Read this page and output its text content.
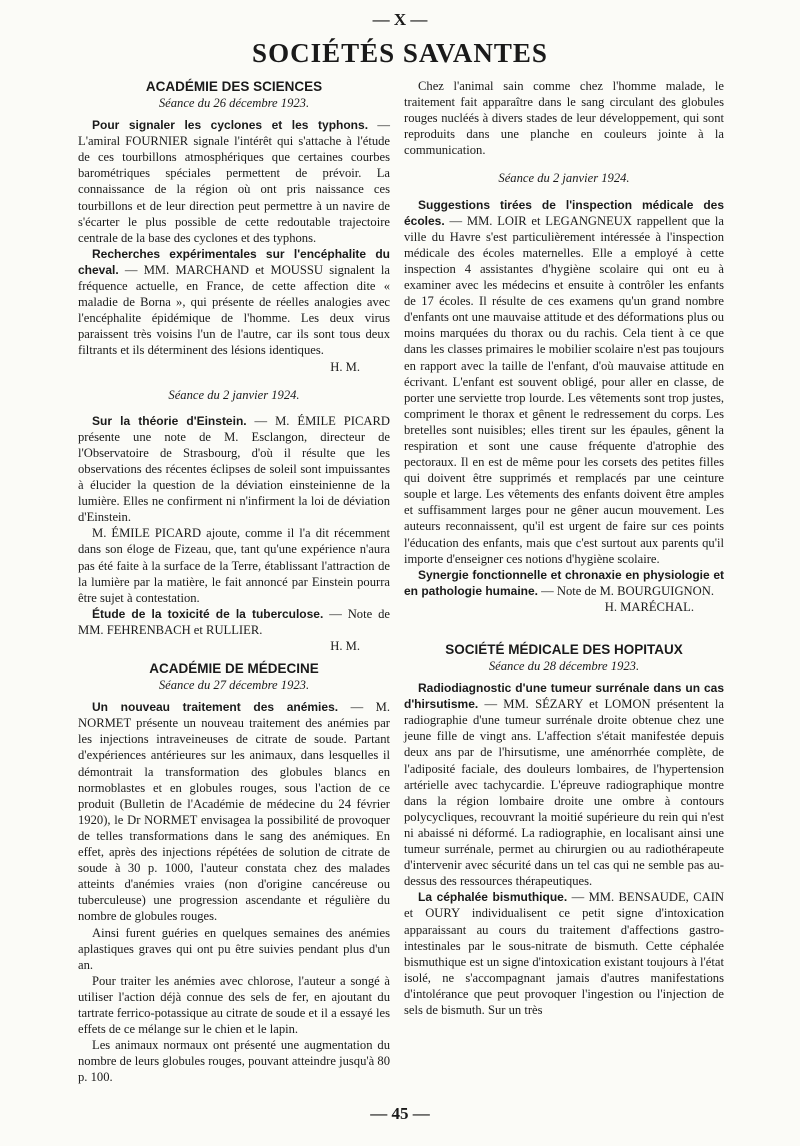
— X —
SOCIÉTÉS SAVANTES
ACADÉMIE DES SCIENCES
Séance du 26 décembre 1923.

Pour signaler les cyclones et les typhons. — L'amiral FOURNIER signale l'intérêt qui s'attache à l'étude de ces tourbillons atmosphériques que certaines courbes barométriques spéciales permettent de prévoir. La connaissance de la région où ont pris naissance ces tourbillons et de leur direction peut permettre à un navire de s'écarter le plus possible de cette redoutable trajectoire centrale de la base des cyclones et des typhons.

Recherches expérimentales sur l'encéphalite du cheval. — MM. MARCHAND et MOUSSU signalent la fréquence actuelle, en France, de cette affection dite « maladie de Borna », qui présente de réelles analogies avec l'encéphalite épidémique de l'homme. Les deux virus paraissent très voisins l'un de l'autre, car ils sont tous deux filtrants et ils déterminent des lésions identiques.

H. M.
Séance du 2 janvier 1924.

Sur la théorie d'Einstein. — M. ÉMILE PICARD présente une note de M. Esclangon, directeur de l'Observatoire de Strasbourg, d'où il résulte que les observations des récentes éclipses de soleil sont impuissantes à élucider la question de la déviation einsteinienne de la lumière. Elles ne confirment ni n'infirment la loi de déviation d'Einstein.

M. ÉMILE PICARD ajoute, comme il l'a dit récemment dans son éloge de Fizeau, que, tant qu'une expérience n'aura pas été faite à la surface de la Terre, établissant l'attraction de la lumière par la matière, le fait annoncé par Einstein pourra être sujet à contestation.

Étude de la toxicité de la tuberculose. — Note de MM. FEHRENBACH et RULLIER.

H. M.
ACADÉMIE DE MÉDECINE
Séance du 27 décembre 1923.

Un nouveau traitement des anémies. — M. NORMET présente un nouveau traitement des anémies par les injections intraveineuses de citrate de soude. Partant d'expériences antérieures sur les animaux, dans lesquelles il démontrait la transformation des globules blancs en normoblastes et en globules rouges, sous l'action de ce produit (Bulletin de l'Académie de médecine du 24 février 1920), le Dr NORMET envisagea la possibilité de provoquer de telles transformations dans le sang des anémiques. En effet, après des injections répétées de solution de citrate de soude à 30 p. 1000, l'auteur constata chez des malades atteints d'anémies vraies (non d'origine cancéreuse ou tuberculeuse) une progression ascendante et régulière du nombre de globules rouges.

Ainsi furent guéries en quelques semaines des anémies aplastiques graves qui ont pu être suivies pendant plus d'un an.

Pour traiter les anémies avec chlorose, l'auteur a songé à utiliser l'action déjà connue des sels de fer, en ajoutant du tartrate ferrico-potassique au citrate de soude et il a essayé les effets de ce mélange sur le chien et le lapin.

Les animaux normaux ont présenté une augmentation du nombre de leurs globules rouges, pouvant atteindre jusqu'à 80 p. 100.

Chez l'animal sain comme chez l'homme malade, le traitement fait apparaître dans le sang circulant des globules rouges nucléés à divers stades de leur développement, qui sont reproduits dans une planche en couleurs jointe à la communication.

Séance du 2 janvier 1924.

Suggestions tirées de l'inspection médicale des écoles. — MM. LOIR et LEGANGNEUX rappellent que la ville du Havre s'est particulièrement intéressée à l'inspection médicale des écoles maternelles. Elle a employé à cette inspection 4 assistantes d'hygiène scolaire qui ont eu à examiner avec les médecins et ensuite à contrôler les enfants de 17 écoles. Il résulte de ces examens qu'un grand nombre d'enfants ont une mauvaise attitude et des déformations plus ou moins marquées du thorax ou du rachis. Cela tient à ce que dans les classes primaires le mobilier scolaire n'est pas toujours en rapport avec la taille de l'enfant, d'où mauvaise attitude en écrivant. L'enfant est souvent obligé, pour aller en classe, de porter une serviette trop lourde. Les vêtements sont trop justes, compriment le thorax et gênent le redressement du corps. Les bretelles sont nuisibles; elles tirent sur les épaules, gênent la respiration et sont une cause fréquente d'atrophie des pectoraux. Il en est de même pour les corsets des petites filles qui doivent être supprimés et remplacés par une ceinture souple et large. Les vêtements des enfants doivent être amples et suffisamment larges pour ne gêner aucun mouvement. Les auteurs reconnaissent, qu'il est urgent de faire sur ces points l'éducation des enfants, mais que c'est surtout aux parents qu'il importe d'enseigner ces notions d'hygiène scolaire.

Synergie fonctionnelle et chronaxie en physiologie et en pathologie humaine. — Note de M. BOURGUIGNON.

H. MARÉCHAL.
SOCIÉTÉ MÉDICALE DES HOPITAUX
Séance du 28 décembre 1923.

Radiodiagnostic d'une tumeur surrénale dans un cas d'hirsutisme. — MM. SÉZARY et LOMON présentent la radiographie d'une tumeur surrénale droite obtenue chez une jeune fille de vingt ans. L'affection s'était manifestée depuis deux ans par de l'hirsutisme, une aménorrhée complète, de l'adiposité faciale, des douleurs lombaires, de l'hypertension artérielle avec tachycardie. L'épreuve radiographique montre dans la région lombaire droite une ombre à contours polycycliques, recouvrant la moitié supérieure du rein qui n'est ni abaissé ni déformé. La radiographie, en localisant ainsi une tumeur surrénale, permet au chirurgien ou au radiothérapeute d'intervenir avec sécurité dans un tel cas qui ne semble pas au-dessus des ressources thérapeutiques.

La céphalée bismuthique. — MM. BENSAUDE, CAIN et OURY individualisent ce petit signe d'intoxication apparaissant au cours du traitement d'affections gastro-intestinales par le sous-nitrate de bismuth. Cette céphalée bismuthique est un signe d'intoxication existant toujours à l'état isolé, ne s'accompagnant jamais d'autres manifestations d'intolérance que peut provoquer l'ingestion ou l'injection de sels de bismuth. Sur un très

— 45 —
